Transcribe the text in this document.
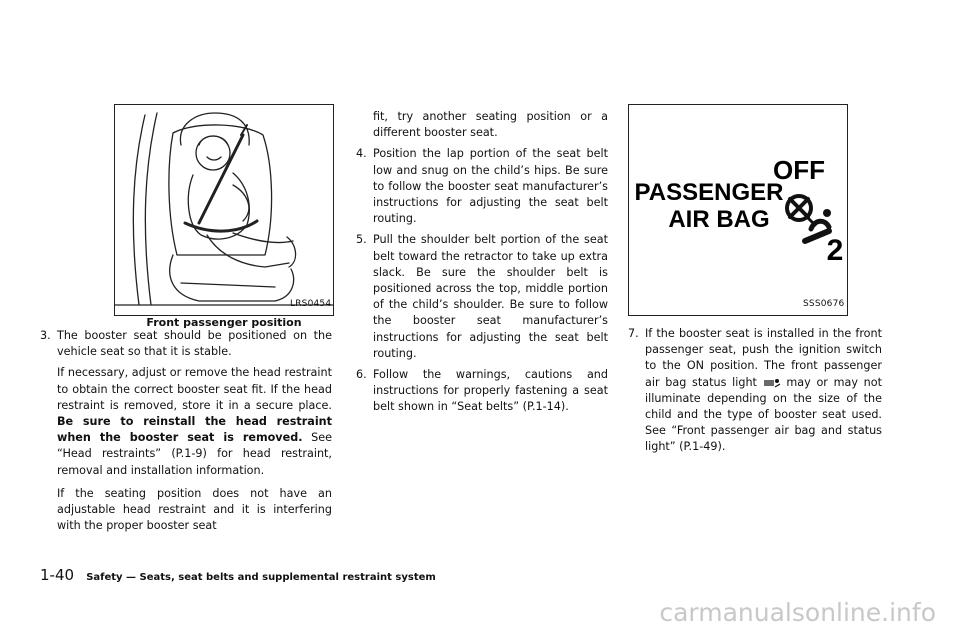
LRS0454
Front passenger position
PASSENGER
AIR BAG
OFF
2
SSS0676
3. The booster seat should be positioned on the vehicle seat so that it is stable.
If necessary, adjust or remove the head restraint to obtain the correct booster seat fit. If the head restraint is removed, store it in a secure place. Be sure to reinstall the head restraint when the booster seat is removed. See “Head restraints” (P.1-9) for head restraint, removal and installation information.
If the seating position does not have an adjustable head restraint and it is interfering with the proper booster seat
fit, try another seating position or a different booster seat.
4. Position the lap portion of the seat belt low and snug on the child’s hips. Be sure to follow the booster seat manufacturer’s instructions for adjusting the seat belt routing.
5. Pull the shoulder belt portion of the seat belt toward the retractor to take up extra slack. Be sure the shoulder belt is positioned across the top, middle portion of the child’s shoulder. Be sure to follow the booster seat manufacturer’s instructions for adjusting the seat belt routing.
6. Follow the warnings, cautions and instructions for properly fastening a seat belt shown in “Seat belts” (P.1-14).
7. If the booster seat is installed in the front passenger seat, push the ignition switch to the ON position. The front passenger air bag status light	may or may not illuminate depending on the size of the child and the type of booster seat used. See “Front passenger air bag and status light” (P.1-49).
1-40 Safety — Seats, seat belts and supplemental restraint system
carmanualsonline.info
